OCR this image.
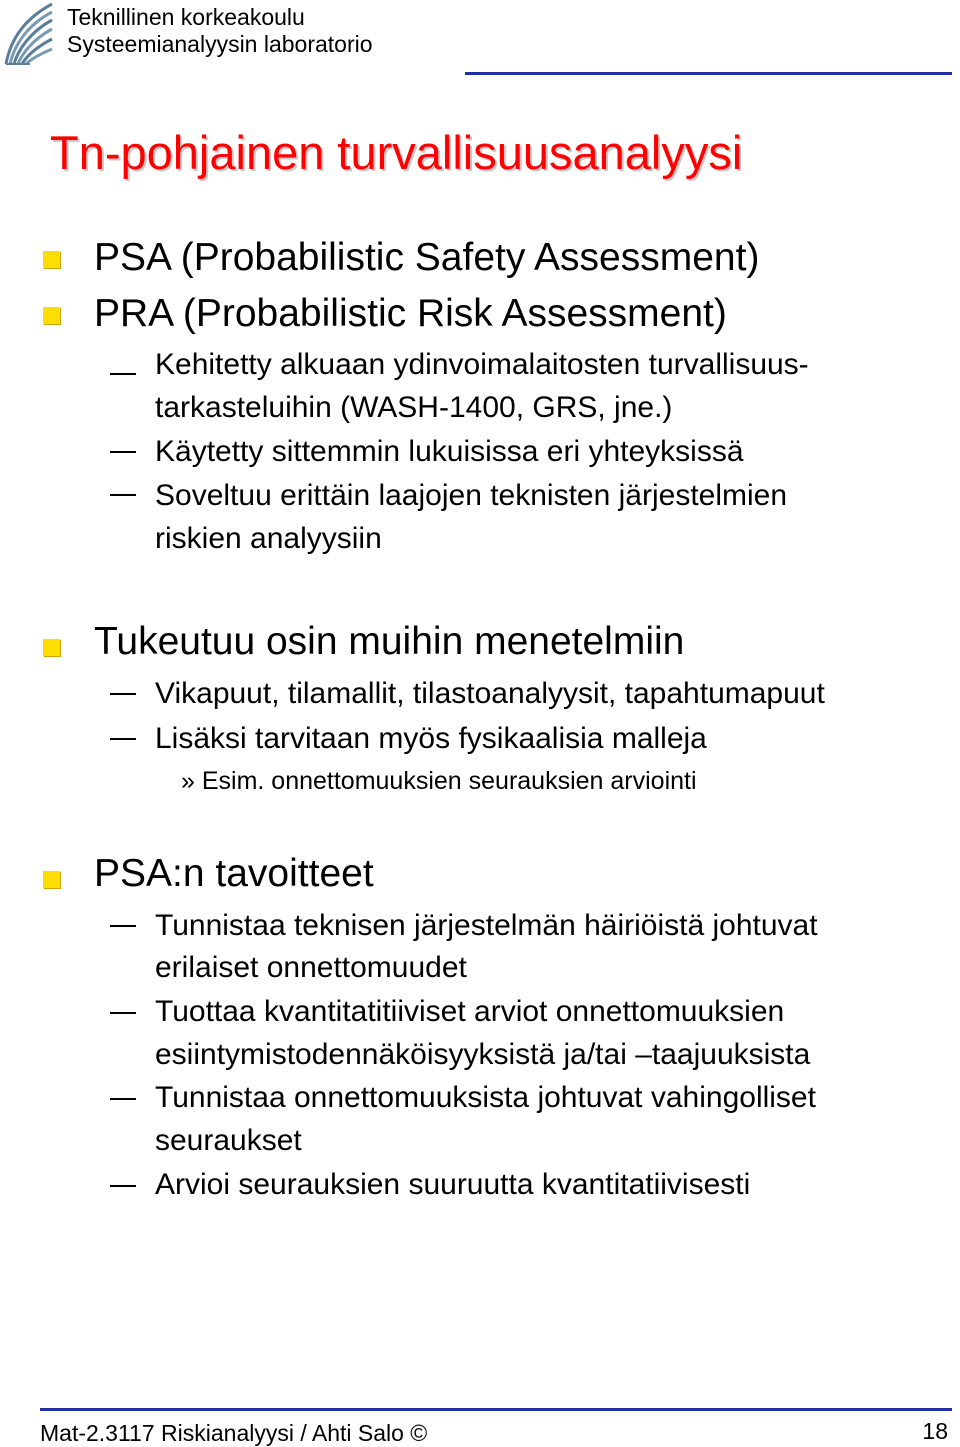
Teknillinen korkeakoulu
Systeemianalyysin laboratorio
Tn-pohjainen turvallisuusanalyysi
PSA (Probabilistic Safety Assessment)
PRA (Probabilistic Risk Assessment)
Kehitetty alkuaan ydinvoimalaitosten turvallisuus-
tarkasteluihin (WASH-1400, GRS, jne.)
Käytetty sittemmin lukuisissa eri yhteyksissä
Soveltuu erittäin laajojen teknisten järjestelmien
riskien analyysiin
Tukeutuu osin muihin menetelmiin
Vikapuut, tilamallit, tilastoanalyysit, tapahtumapuut
Lisäksi tarvitaan myös fysikaalisia malleja
» Esim. onnettomuuksien seurauksien arviointi
PSA:n tavoitteet
Tunnistaa teknisen järjestelmän häiriöistä johtuvat
erilaiset onnettomuudet
Tuottaa kvantitatitiiviset arviot onnettomuuksien
esiintymistodennäköisyyksistä ja/tai –taajuuksista
Tunnistaa onnettomuuksista johtuvat vahingolliset
seuraukset
Arvioi seurauksien suuruutta kvantitatiivisesti
Mat-2.3117 Riskianalyysi / Ahti Salo ©	18
